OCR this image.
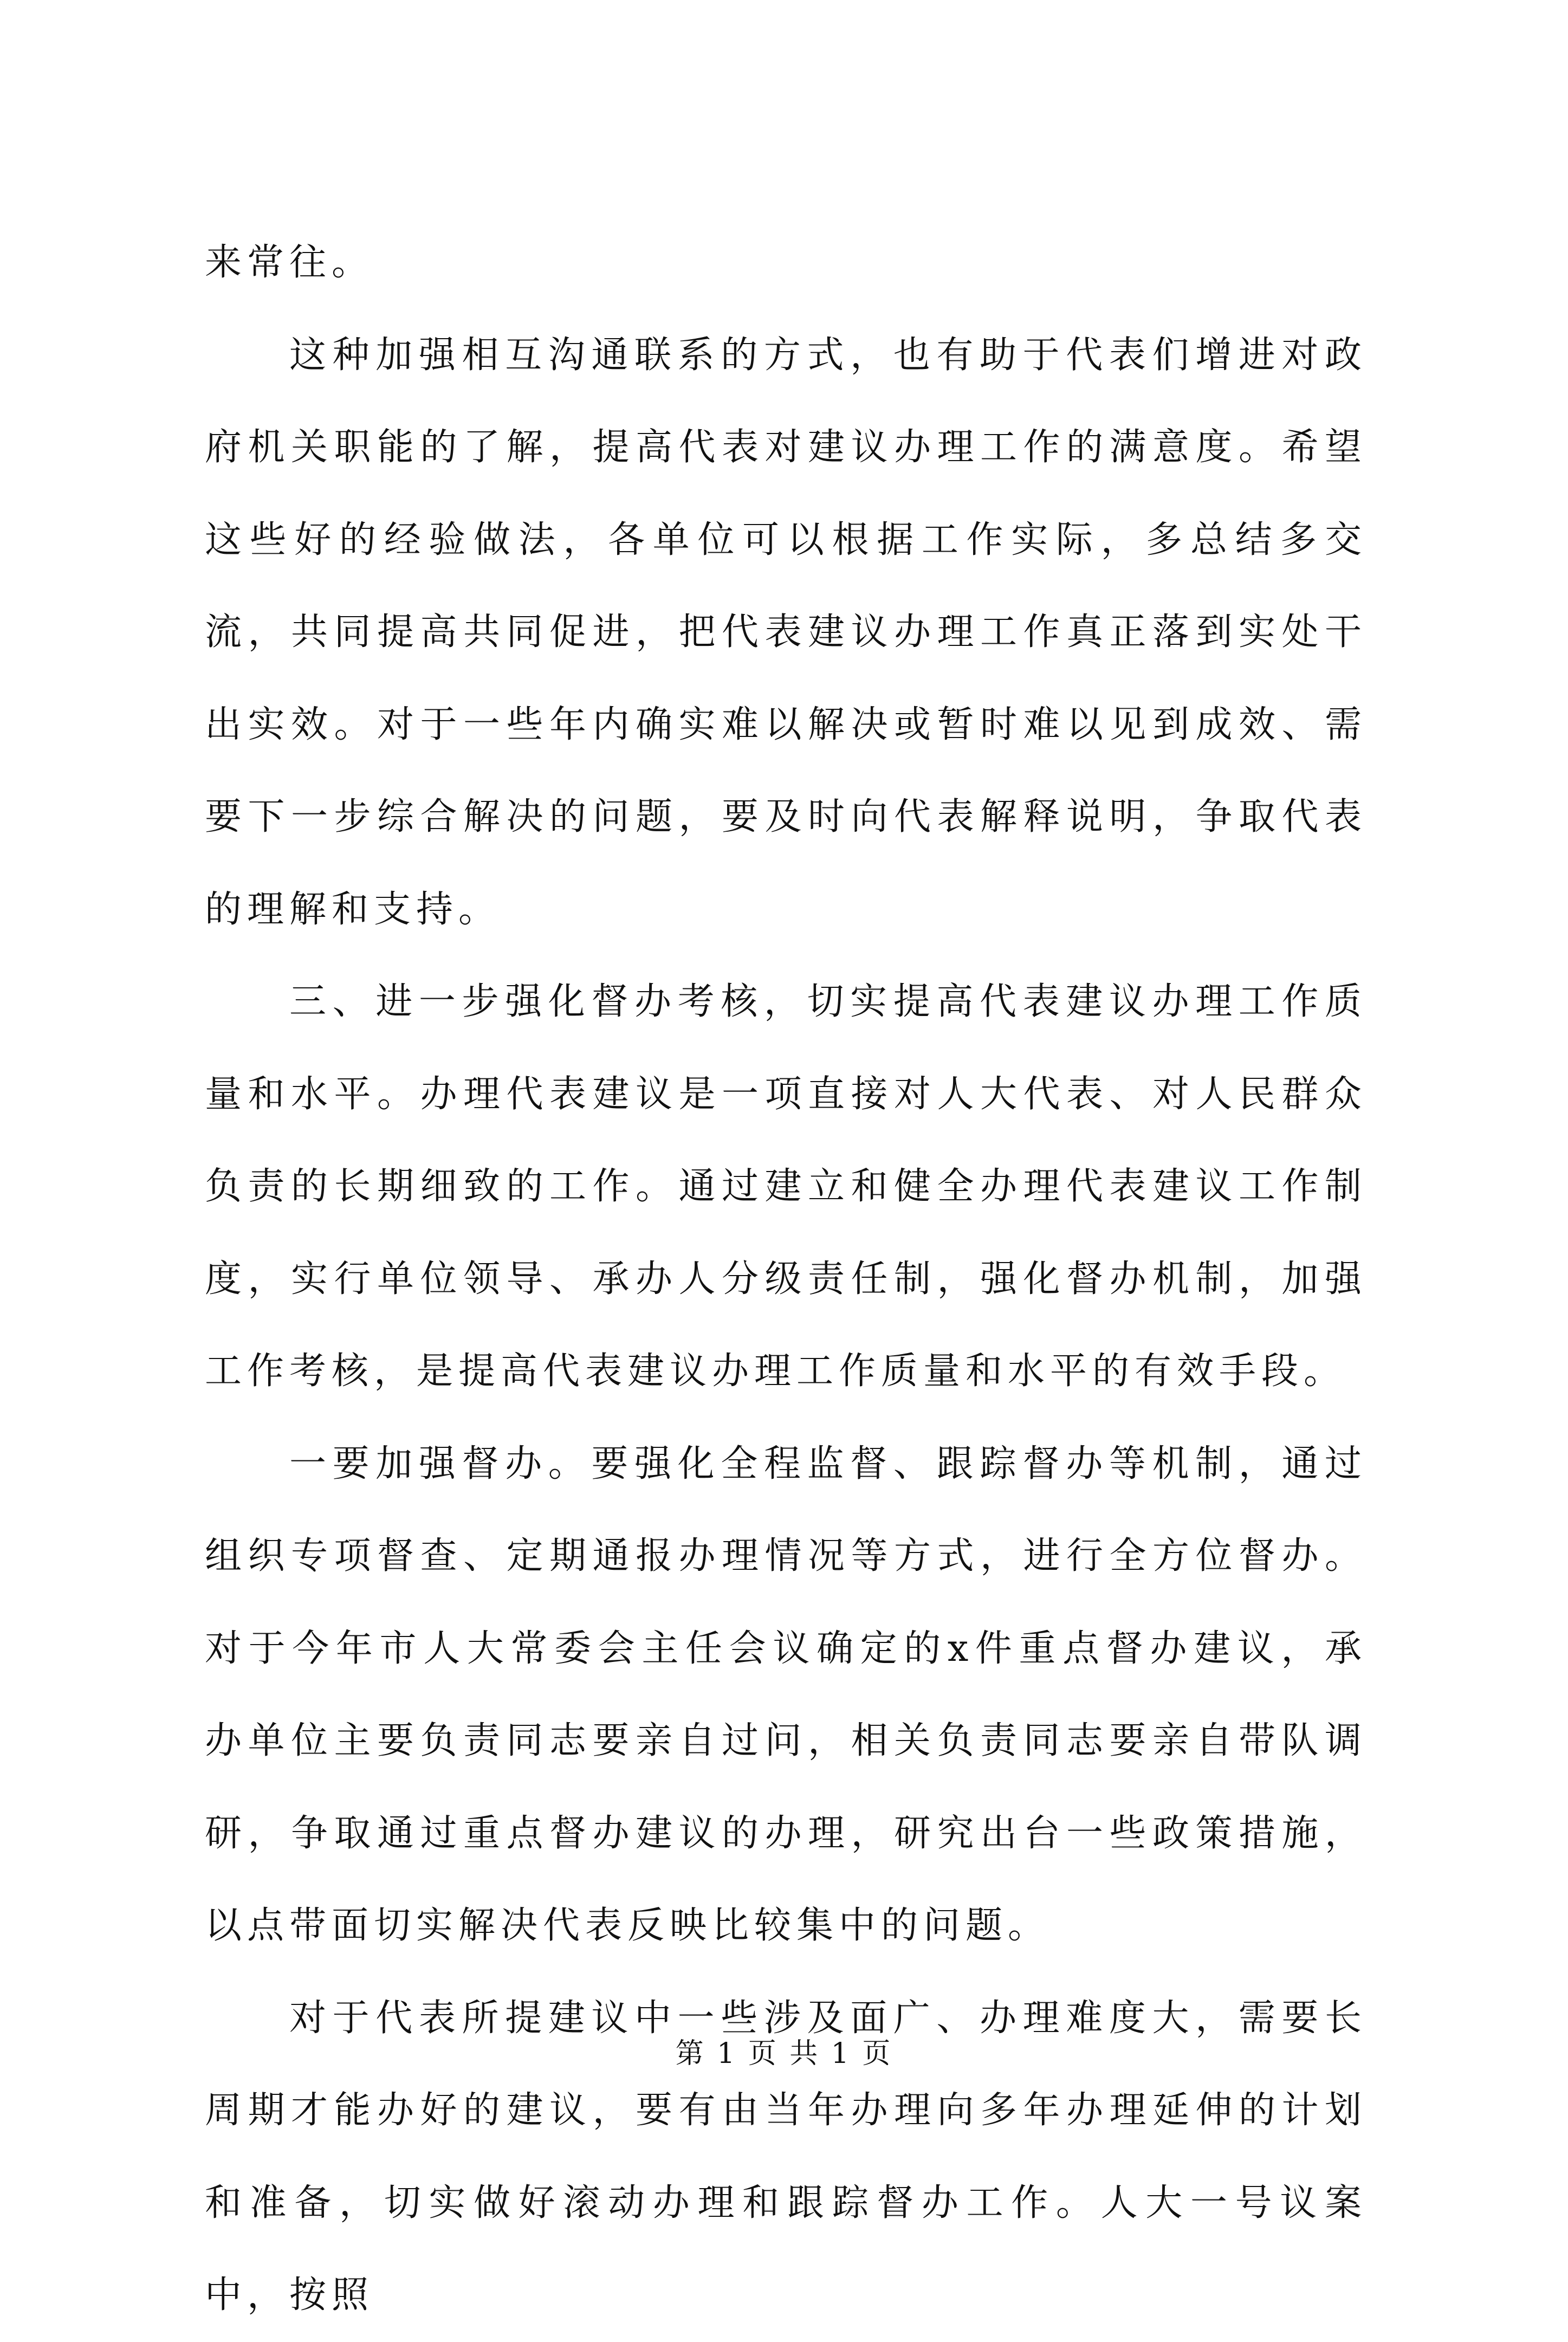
来常往。

这种加强相互沟通联系的方式，也有助于代表们增进对政府机关职能的了解，提高代表对建议办理工作的满意度。希望这些好的经验做法，各单位可以根据工作实际，多总结多交流，共同提高共同促进，把代表建议办理工作真正落到实处干出实效。对于一些年内确实难以解决或暂时难以见到成效、需要下一步综合解决的问题，要及时向代表解释说明，争取代表的理解和支持。

三、进一步强化督办考核，切实提高代表建议办理工作质量和水平。办理代表建议是一项直接对人大代表、对人民群众负责的长期细致的工作。通过建立和健全办理代表建议工作制度，实行单位领导、承办人分级责任制，强化督办机制，加强工作考核，是提高代表建议办理工作质量和水平的有效手段。

一要加强督办。要强化全程监督、跟踪督办等机制，通过组织专项督查、定期通报办理情况等方式，进行全方位督办。对于今年市人大常委会主任会议确定的x件重点督办建议，承办单位主要负责同志要亲自过问，相关负责同志要亲自带队调研，争取通过重点督办建议的办理，研究出台一些政策措施，以点带面切实解决代表反映比较集中的问题。

对于代表所提建议中一些涉及面广、办理难度大，需要长周期才能办好的建议，要有由当年办理向多年办理延伸的计划和准备，切实做好滚动办理和跟踪督办工作。人大一号议案中，按照

第 1 页 共 1 页
